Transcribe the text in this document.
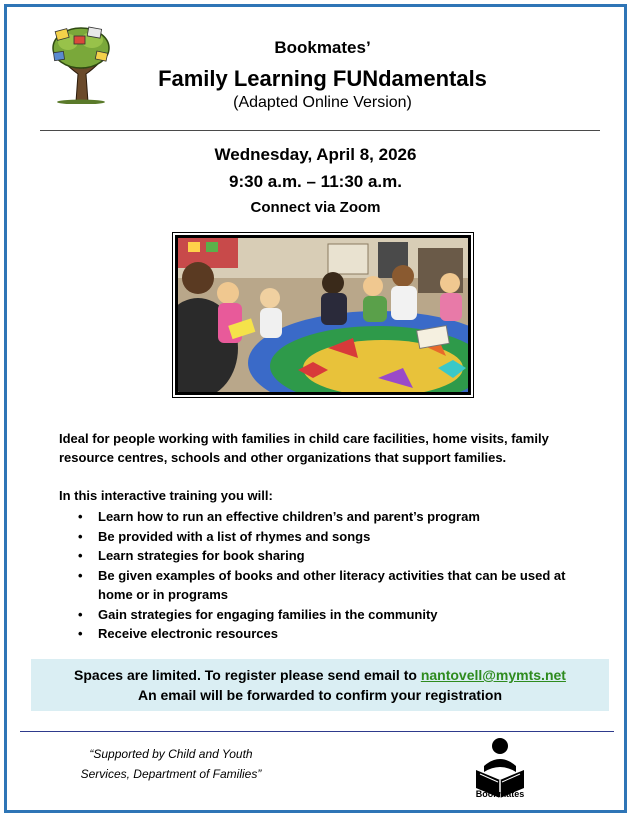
Bookmates’
Family Learning FUNdamentals
(Adapted Online Version)
Wednesday, April 8, 2026
9:30 a.m. – 11:30 a.m.
Connect via Zoom
Ideal for people working with families in child care facilities, home visits, family resource centres, schools and other organizations that support families.
In this interactive training you will:
• Learn how to run an effective children’s and parent’s program
• Be provided with a list of rhymes and songs
• Learn strategies for book sharing
• Be given examples of books and other literacy activities that can be used at home or in programs
• Gain strategies for engaging families in the community
• Receive electronic resources
Spaces are limited. To register please send email to nantovell@mymts.net
An email will be forwarded to confirm your registration
“Supported by Child and Youth
Services, Department of Families”
Bookmates
